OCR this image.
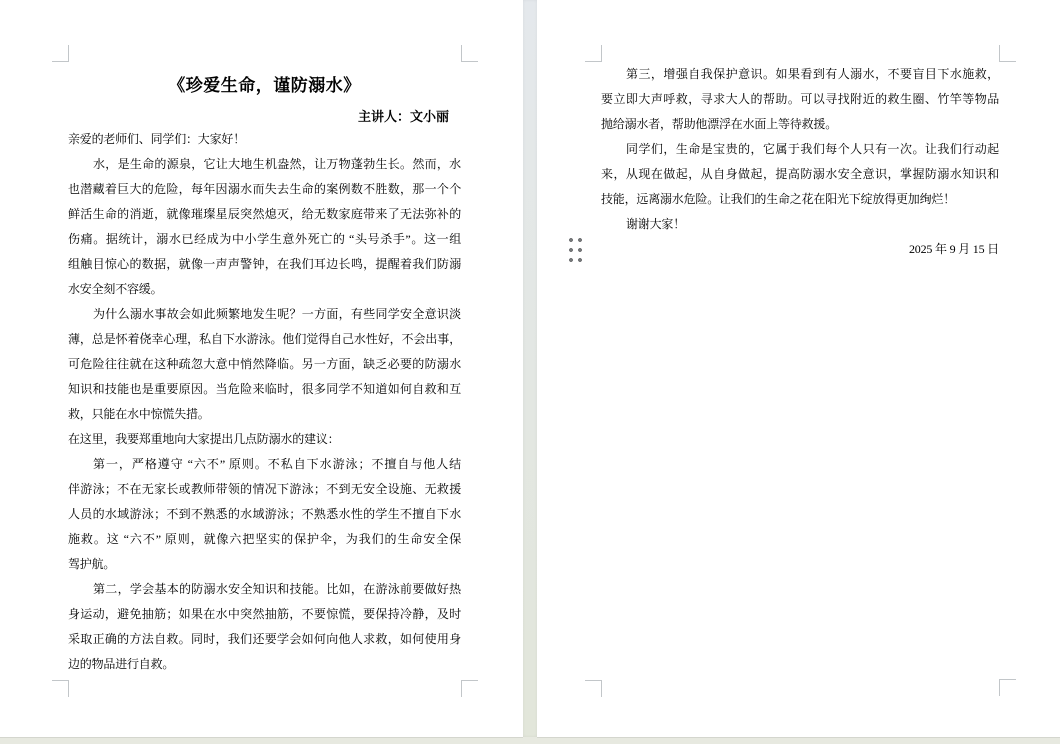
《珍爱生命，谨防溺水》
主讲人：文小丽
亲爱的老师们、同学们：大家好！
水，是生命的源泉，它让大地生机盎然，让万物蓬勃生长。然而，水
也潜藏着巨大的危险，每年因溺水而失去生命的案例数不胜数，那一个个
鲜活生命的消逝，就像璀璨星辰突然熄灭，给无数家庭带来了无法弥补的
伤痛。据统计，溺水已经成为中小学生意外死亡的 “头号杀手”。这一组
组触目惊心的数据，就像一声声警钟，在我们耳边长鸣，提醒着我们防溺
水安全刻不容缓。
为什么溺水事故会如此频繁地发生呢？一方面，有些同学安全意识淡
薄，总是怀着侥幸心理，私自下水游泳。他们觉得自己水性好，不会出事，
可危险往往就在这种疏忽大意中悄然降临。另一方面，缺乏必要的防溺水
知识和技能也是重要原因。当危险来临时，很多同学不知道如何自救和互
救，只能在水中惊慌失措。
在这里，我要郑重地向大家提出几点防溺水的建议：
第一，严格遵守 “六不” 原则。不私自下水游泳；不擅自与他人结
伴游泳；不在无家长或教师带领的情况下游泳；不到无安全设施、无救援
人员的水域游泳；不到不熟悉的水域游泳；不熟悉水性的学生不擅自下水
施救。这 “六不” 原则，就像六把坚实的保护伞，为我们的生命安全保
驾护航。
第二，学会基本的防溺水安全知识和技能。比如，在游泳前要做好热
身运动，避免抽筋；如果在水中突然抽筋，不要惊慌，要保持冷静，及时
采取正确的方法自救。同时，我们还要学会如何向他人求救，如何使用身
边的物品进行自救。
第三，增强自我保护意识。如果看到有人溺水，不要盲目下水施救，
要立即大声呼救，寻求大人的帮助。可以寻找附近的救生圈、竹竿等物品
抛给溺水者，帮助他漂浮在水面上等待救援。
同学们，生命是宝贵的，它属于我们每个人只有一次。让我们行动起
来，从现在做起，从自身做起，提高防溺水安全意识，掌握防溺水知识和
技能，远离溺水危险。让我们的生命之花在阳光下绽放得更加绚烂！
谢谢大家！
2025 年 9 月 15 日
